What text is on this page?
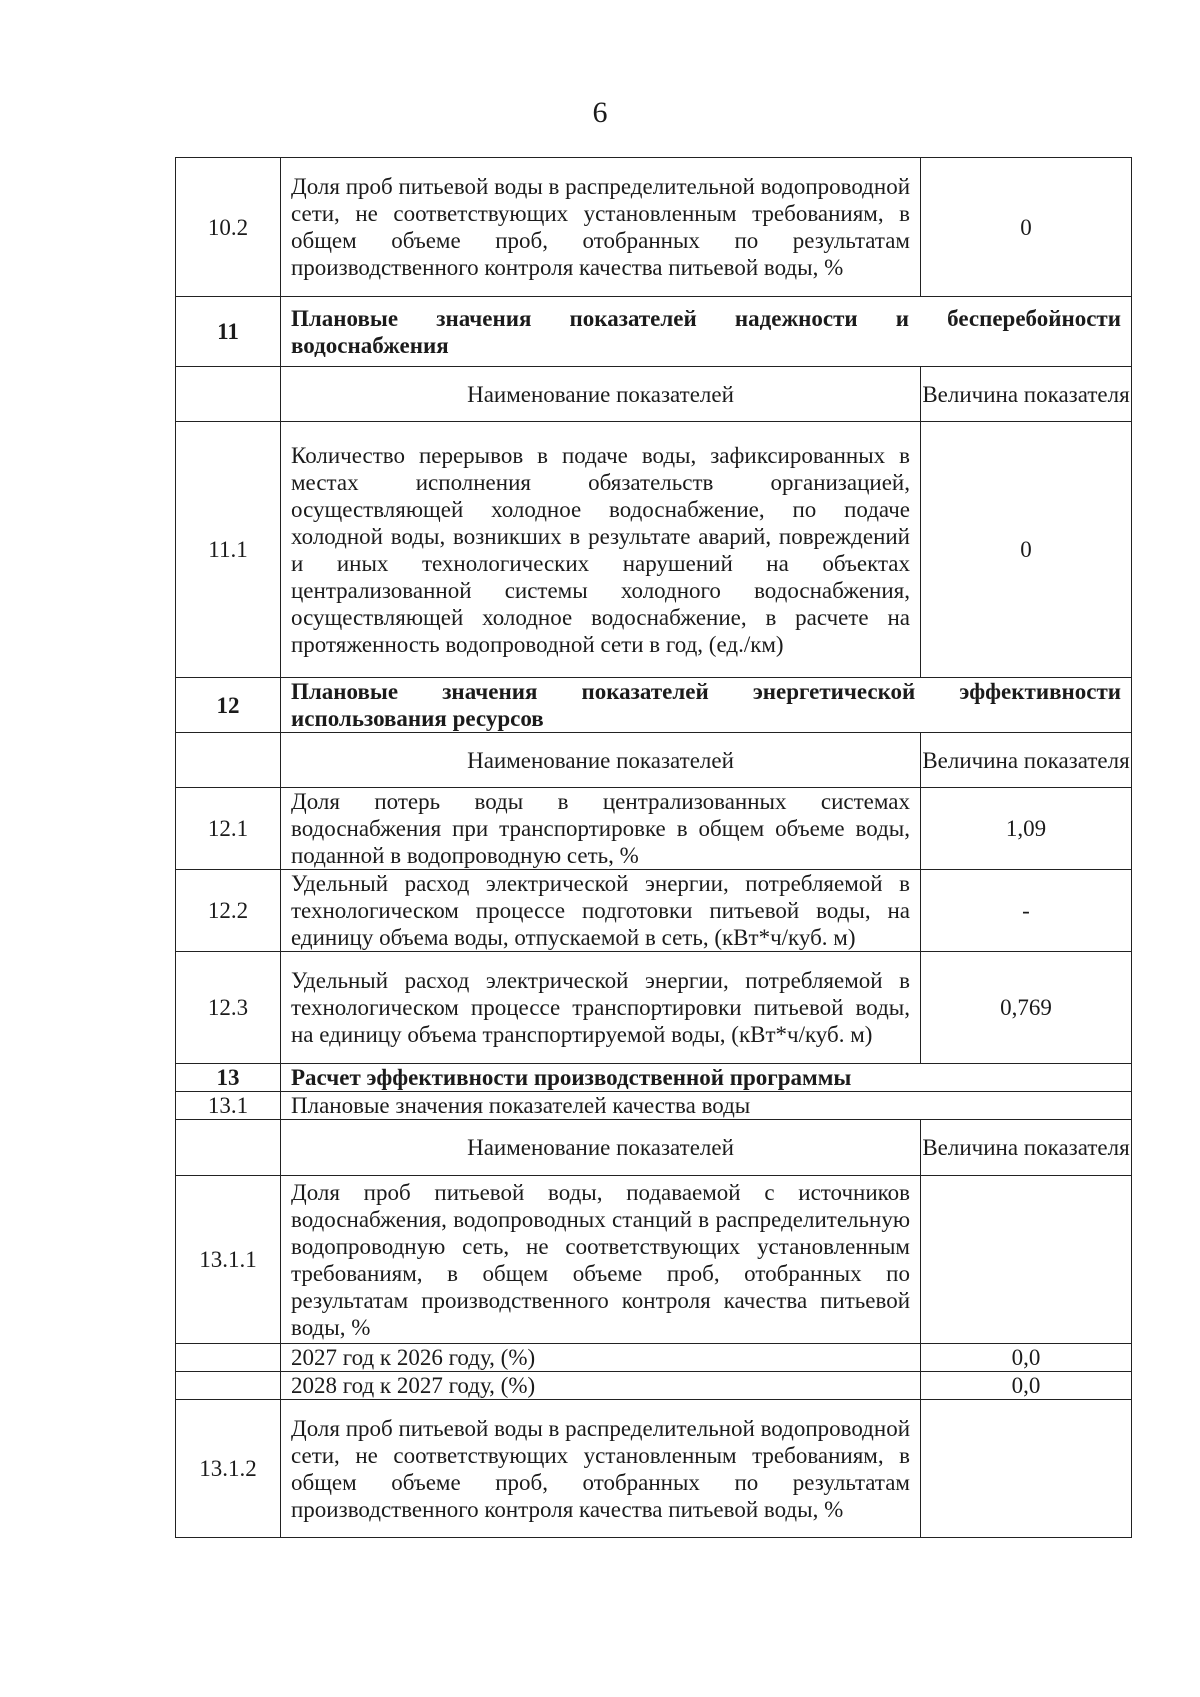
6
10.2	Доля проб питьевой воды в распределительной водопроводной сети, не соответствующих установленным требованиям, в общем объеме проб, отобранных по результатам производственного контроля качества питьевой воды, %	0
11	Плановые значения показателей надежности и бесперебойности водоснабжения	
	Наименование показателей	Величина показателя
11.1	Количество перерывов в подаче воды, зафиксированных в местах исполнения обязательств организацией, осуществляющей холодное водоснабжение, по подаче холодной воды, возникших в результате аварий, повреждений и иных технологических нарушений на объектах централизованной системы холодного водоснабжения, осуществляющей холодное водоснабжение, в расчете на протяженность водопроводной сети в год, (ед./км)	0
12	Плановые значения показателей энергетической эффективности использования ресурсов	
	Наименование показателей	Величина показателя
12.1	Доля потерь воды в централизованных системах водоснабжения при транспортировке в общем объеме воды, поданной в водопроводную сеть, %	1,09
12.2	Удельный расход электрической энергии, потребляемой в технологическом процессе подготовки питьевой воды, на единицу объема воды, отпускаемой в сеть, (кВт*ч/куб. м)	-
12.3	Удельный расход электрической энергии, потребляемой в технологическом процессе транспортировки питьевой воды, на единицу объема транспортируемой воды, (кВт*ч/куб. м)	0,769
13	Расчет эффективности производственной программы	
13.1	Плановые значения показателей качества воды	
	Наименование показателей	Величина показателя
13.1.1	Доля проб питьевой воды, подаваемой с источников водоснабжения, водопроводных станций в распределительную водопроводную сеть, не соответствующих установленным требованиям, в общем объеме проб, отобранных по результатам производственного контроля качества питьевой воды, %	
	2027 год к 2026 году, (%)	0,0
	2028 год к 2027 году, (%)	0,0
13.1.2	Доля проб питьевой воды в распределительной водопроводной сети, не соответствующих установленным требованиям, в общем объеме проб, отобранных по результатам производственного контроля качества питьевой воды, %	
